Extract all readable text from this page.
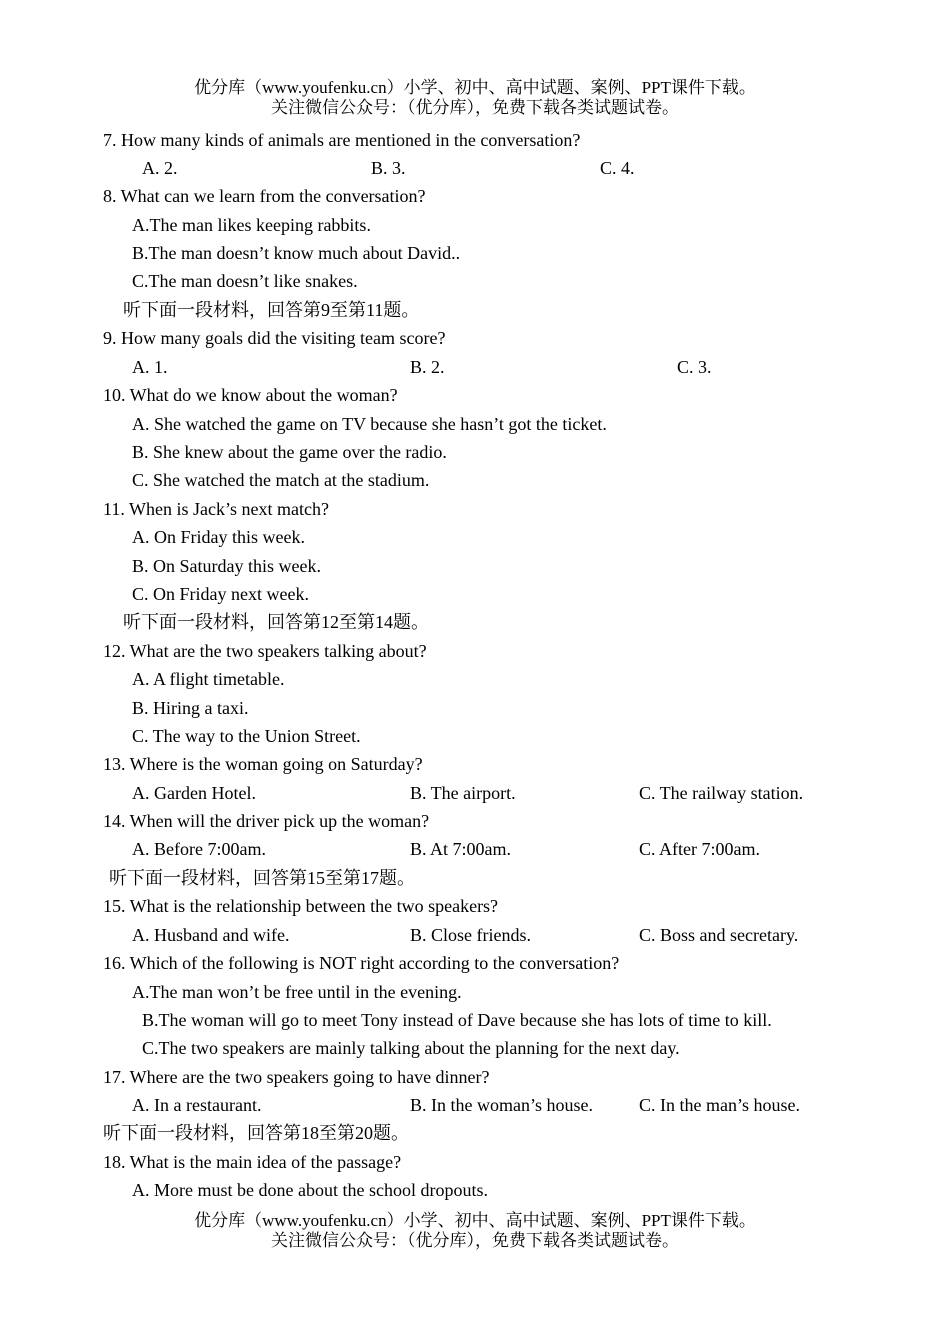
优分库（www.youfenku.cn）小学、初中、高中试题、案例、PPT课件下载。
关注微信公众号：（优分库），免费下载各类试题试卷。
7. How many kinds of animals are mentioned in the conversation?
A. 2.	B. 3.	C. 4.
8. What can we learn from the conversation?
A.The man likes keeping rabbits.
B.The man doesn’t know much about David..
C.The man doesn’t like snakes.
听下面一段材料，回答第9至第11题。
9. How many goals did the visiting team score?
A. 1.	B. 2.	C. 3.
10. What do we know about the woman?
A. She watched the game on TV because she hasn’t got the ticket.
B. She knew about the game over the radio.
C. She watched the match at the stadium.
11. When is Jack’s next match?
A. On Friday this week.
B. On Saturday this week.
C. On Friday next week.
听下面一段材料，回答第12至第14题。
12. What are the two speakers talking about?
A. A flight timetable.
B. Hiring a taxi.
C. The way to the Union Street.
13. Where is the woman going on Saturday?
A. Garden Hotel.	B. The airport.	C. The railway station.
14. When will the driver pick up the woman?
A. Before 7:00am.	B. At 7:00am.	C. After 7:00am.
听下面一段材料，回答第15至第17题。
15. What is the relationship between the two speakers?
A. Husband and wife.	B. Close friends.	C. Boss and secretary.
16. Which of the following is NOT right according to the conversation?
A.The man won’t be free until in the evening.
B.The woman will go to meet Tony instead of Dave because she has lots of time to kill.
C.The two speakers are mainly talking about the planning for the next day.
17. Where are the two speakers going to have dinner?
A. In a restaurant.	B. In the woman’s house.	C. In the man’s house.
听下面一段材料，回答第18至第20题。
18. What is the main idea of the passage?
A. More must be done about the school dropouts.
优分库（www.youfenku.cn）小学、初中、高中试题、案例、PPT课件下载。
关注微信公众号：（优分库），免费下载各类试题试卷。
